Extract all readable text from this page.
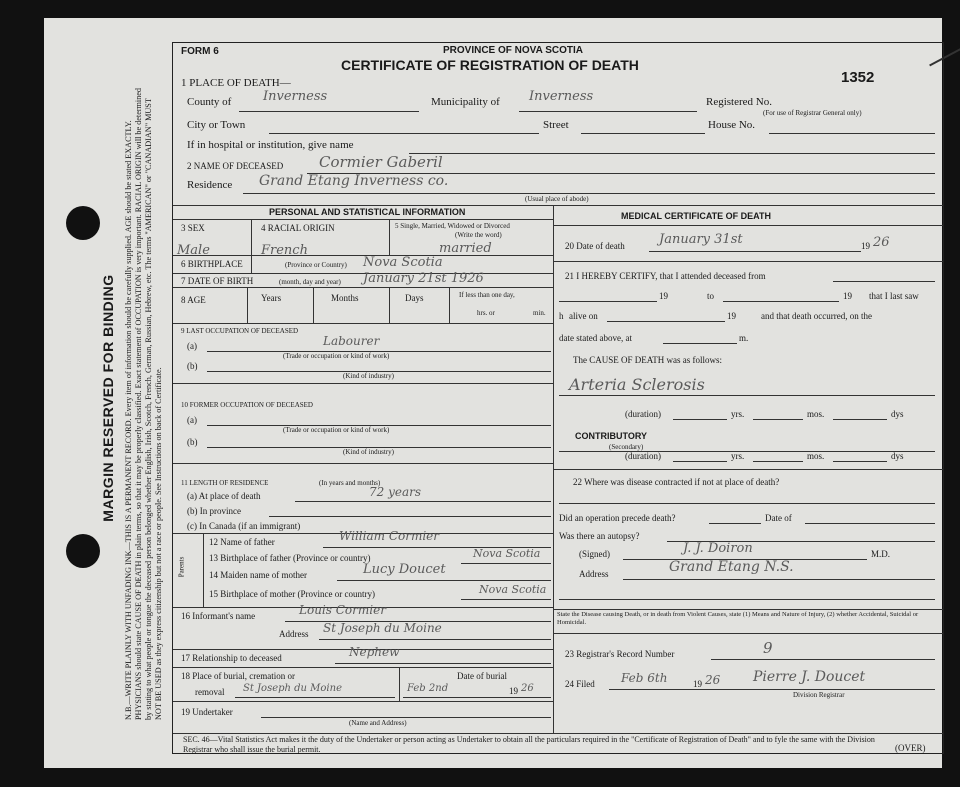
MARGIN RESERVED FOR BINDING N.B.—WRITE PLAINLY WITH UNFADING INK—THIS IS A PERMANENT RECORD. Every item of information should be carefully supplied. AGE should be stated EXACTLY. PHYSICIANS should state CAUSE OF DEATH in plain terms, so that it may be properly classified. Exact statement of OCCUPATION is very important. RACIAL ORIGIN will be determined by stating to what people or tongue the deceased person belonged whether English, Irish, Scotch, French, German, Russian, Hebrew, etc. The terms "AMERICAN" or "CANADIAN" MUST NOT BE USED as they express citizenship but not a race or people. See Instructions on back of Certificate.
FORM 6	PROVINCE OF NOVA SCOTIA
CERTIFICATE OF REGISTRATION OF DEATH
1352
1 PLACE OF DEATH—
County of Inverness	Municipality of Inverness	Registered No.
(For use of Registrar General only)
City or Town	Street	House No.
If in hospital or institution, give name
2 NAME OF DECEASED Cormier Gaberil
Residence Grand Etang Inverness co.
(Usual place of abode)
PERSONAL AND STATISTICAL INFORMATION
3 SEX	4 RACIAL ORIGIN	5 Single, Married, Widowed or Divorced
(Write the word)
Male	French	married
6 BIRTHPLACE	(Province or Country) Nova Scotia
7 DATE OF BIRTH	(month, day and year) January 21st 1926
8 AGE	Years	Months	Days	If less than one day,
hrs. or	min.
9 LAST OCCUPATION OF DECEASED
(a)	Labourer
(Trade or occupation or kind of work)
(b)
(Kind of industry)
10 FORMER OCCUPATION OF DECEASED
(a)
(Trade or occupation or kind of work)
(b)
(Kind of industry)
11 LENGTH OF RESIDENCE	(In years and months)
(a) At place of death	72 years
(b) In province
(c) In Canada (if an immigrant)
Parents
12 Name of father	William Cormier
13 Birthplace of father (Province or country)	Nova Scotia
14 Maiden name of mother	Lucy Doucet
15 Birthplace of mother (Province or country)	Nova Scotia
16 Informant's name	Louis Cormier
Address St Joseph du Moine
17 Relationship to deceased	Nephew
18 Place of burial, cremation or
removal St Joseph du Moine
Date of burial
Feb 2nd	19 26
19 Undertaker
(Name and Address)
MEDICAL CERTIFICATE OF DEATH
20 Date of death	January 31st	19 26
21 I HEREBY CERTIFY, that I attended deceased from
19	to	19 that I last saw
h alive on	19	and that death occurred, on the
date stated above, at	m.
The CAUSE OF DEATH was as follows:
Arteria Sclerosis
(duration)	yrs.	mos.	dys
CONTRIBUTORY
(Secondary)
(duration)	yrs.	mos.	dys
22 Where was disease contracted if not at place of death?
Did an operation precede death?	Date of
Was there an autopsy?
(Signed)	J. J. Doiron	M.D.
Address	Grand Etang N.S.
State the Disease causing Death, or in death from Violent Causes, state (1) Means and Nature of Injury, (2) whether Accidental, Suicidal or Homicidal.
23 Registrar's Record Number	9
24 Filed Feb 6th	19 26 Pierre J. Doucet
Division Registrar
SEC. 46—Vital Statistics Act makes it the duty of the Undertaker or person acting as Undertaker to obtain all the particulars required in the "Certificate of Registration of Death" and to fyle the same with the Division Registrar who shall issue the burial permit.	(OVER)
